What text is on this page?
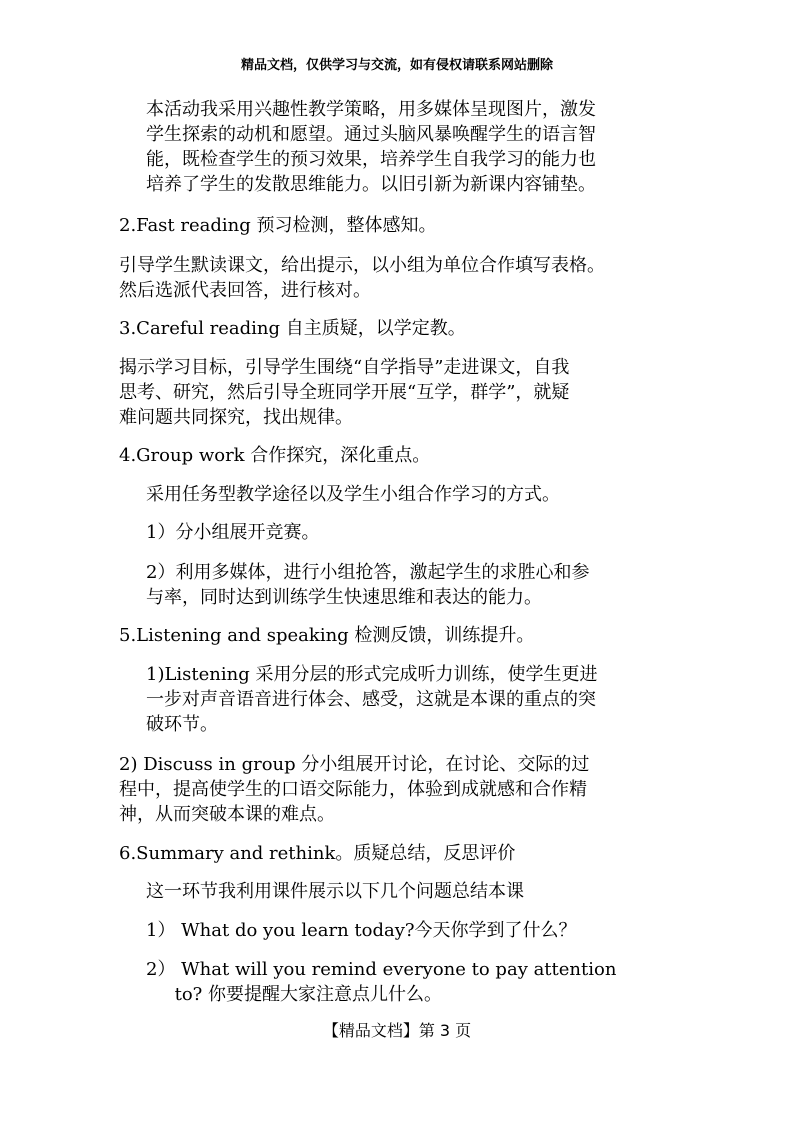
精品文档，仅供学习与交流，如有侵权请联系网站删除
本活动我采用兴趣性教学策略，用多媒体呈现图片，激发
学生探索的动机和愿望。通过头脑风暴唤醒学生的语言智
能，既检查学生的预习效果，培养学生自我学习的能力也
培养了学生的发散思维能力。以旧引新为新课内容铺垫。
2.Fast reading 预习检测，整体感知。
引导学生默读课文，给出提示，以小组为单位合作填写表格。
然后选派代表回答，进行核对。
3.Careful reading 自主质疑，以学定教。
揭示学习目标，引导学生围绕“自学指导”走进课文，自我
思考、研究，然后引导全班同学开展“互学，群学”，就疑
难问题共同探究，找出规律。
4.Group work 合作探究，深化重点。
采用任务型教学途径以及学生小组合作学习的方式。
1）分小组展开竞赛。
2）利用多媒体，进行小组抢答，激起学生的求胜心和参
与率，同时达到训练学生快速思维和表达的能力。
5.Listening and speaking 检测反馈，训练提升。
1)Listening 采用分层的形式完成听力训练，使学生更进
一步对声音语音进行体会、感受，这就是本课的重点的突
破环节。
2) Discuss in group 分小组展开讨论，在讨论、交际的过
程中，提高使学生的口语交际能力，体验到成就感和合作精
神，从而突破本课的难点。
6.Summary and rethink。质疑总结，反思评价
这一环节我利用课件展示以下几个问题总结本课
1） What do you learn today?今天你学到了什么？
2） What will you remind everyone to pay attention
to? 你要提醒大家注意点儿什么。
【精品文档】第 3 页
